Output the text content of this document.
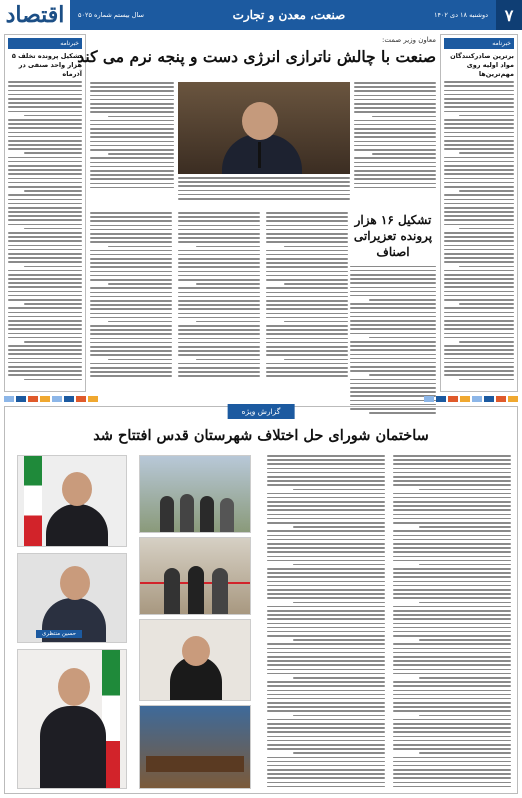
۷
دوشنبه ۱۸ دی ۱۴۰۲
صنعت، معدن و تجارت
سال بیستم شماره ۵۰۲۵
اقتصاد
خبرنامه
برترین صادرکنندگان مواد اولیه روی مهم‌ترین‌ها
خبرنامه
تشکیل پرونده تخلف ۵ هزار واحد صنفی در آذرماه
معاون وزیر صمت:
صنعت با چالش ناترازی انرژی دست و پنجه نرم می کند
تشکیل ۱۶ هزار پرونده تعزیراتی اصناف
گزارش ویژه
ساختمان شورای حل اختلاف شهرستان قدس افتتاح شد
حسین منتظری
